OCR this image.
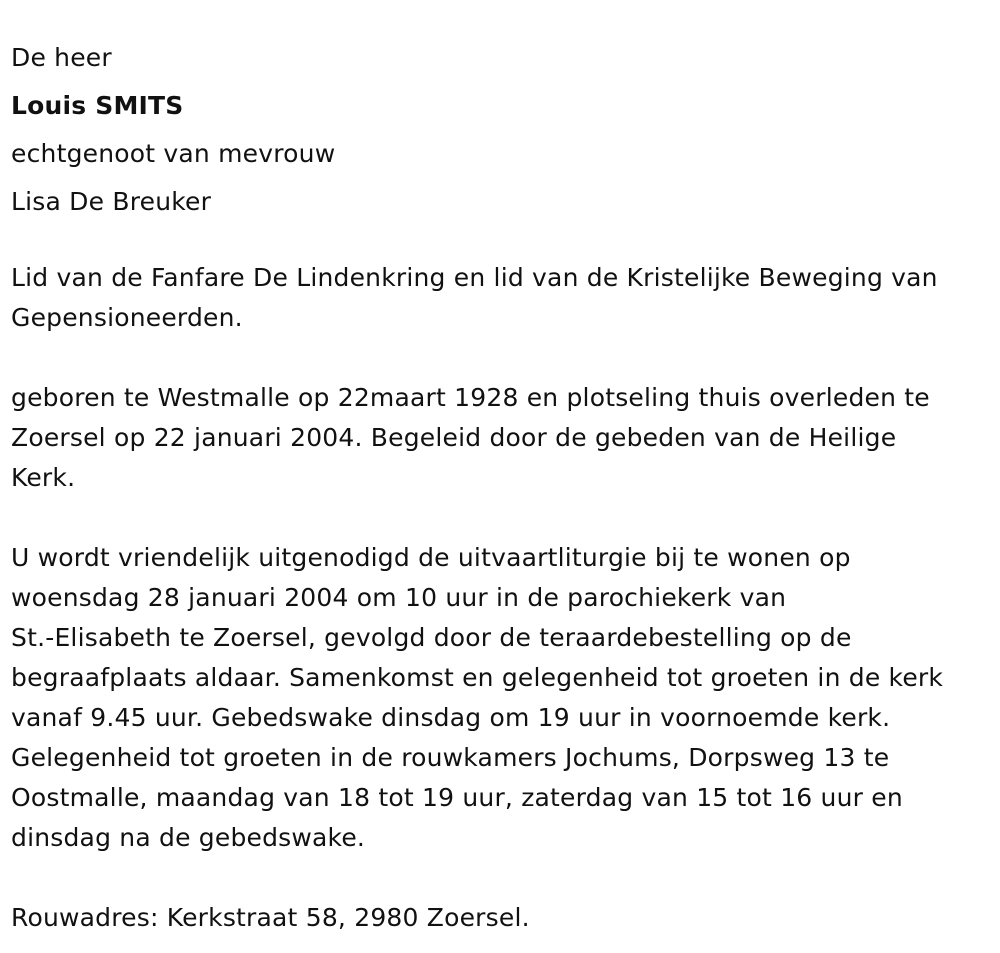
De heer
Louis SMITS
echtgenoot van mevrouw
Lisa De Breuker
Lid van de Fanfare De Lindenkring en lid van de Kristelijke Beweging van
Gepensioneerden.
geboren te Westmalle op 22maart 1928 en plotseling thuis overleden te
Zoersel op 22 januari 2004. Begeleid door de gebeden van de Heilige
Kerk.
U wordt vriendelijk uitgenodigd de uitvaartliturgie bij te wonen op
woensdag 28 januari 2004 om 10 uur in de parochiekerk van
St.-Elisabeth te Zoersel, gevolgd door de teraardebestelling op de
begraafplaats aldaar. Samenkomst en gelegenheid tot groeten in de kerk
vanaf 9.45 uur. Gebedswake dinsdag om 19 uur in voornoemde kerk.
Gelegenheid tot groeten in de rouwkamers Jochums, Dorpsweg 13 te
Oostmalle, maandag van 18 tot 19 uur, zaterdag van 15 tot 16 uur en
dinsdag na de gebedswake.
Rouwadres: Kerkstraat 58, 2980 Zoersel.
